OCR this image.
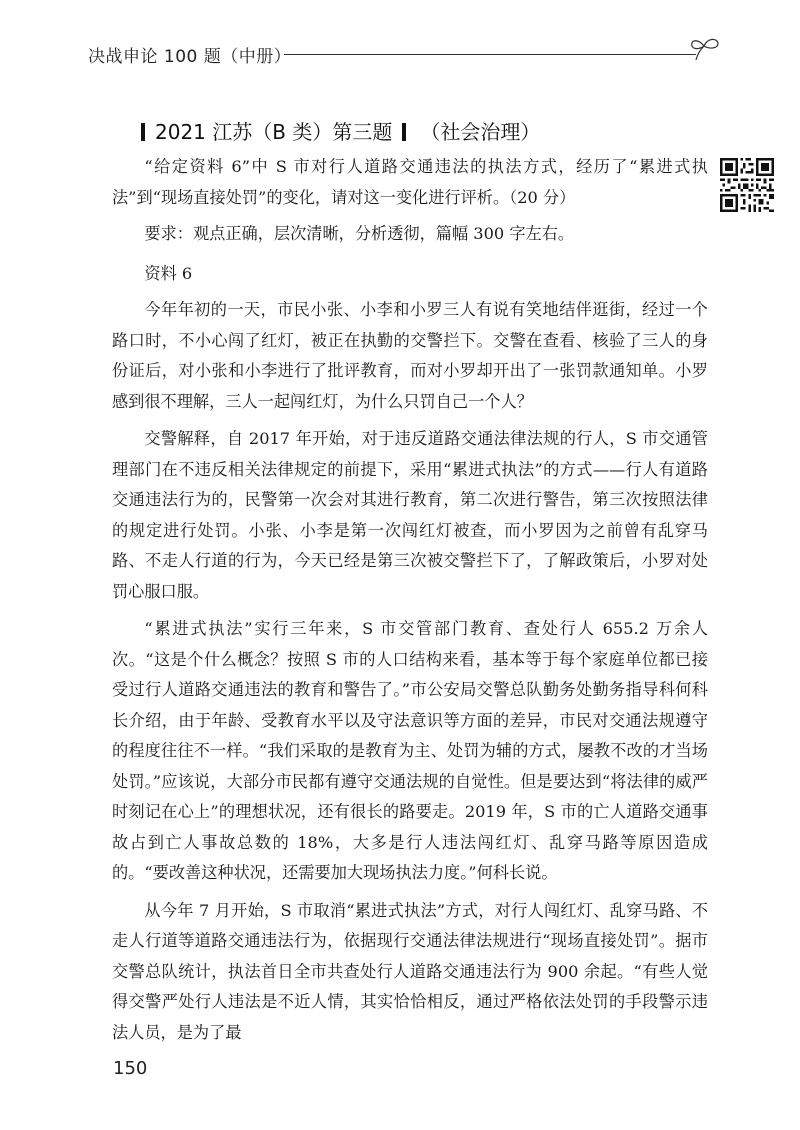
决战申论 100 题（中册）
2021 江苏（B 类）第三题 （社会治理）

“给定资料 6”中 S 市对行人道路交通违法的执法方式，经历了“累进式执法”到“现场直接处罚”的变化，请对这一变化进行评析。（20 分）

要求：观点正确，层次清晰，分析透彻，篇幅 300 字左右。

资料 6

今年年初的一天，市民小张、小李和小罗三人有说有笑地结伴逛街，经过一个路口时，不小心闯了红灯，被正在执勤的交警拦下。交警在查看、核验了三人的身份证后，对小张和小李进行了批评教育，而对小罗却开出了一张罚款通知单。小罗感到很不理解，三人一起闯红灯，为什么只罚自己一个人？

交警解释，自 2017 年开始，对于违反道路交通法律法规的行人，S 市交通管理部门在不违反相关法律规定的前提下，采用“累进式执法”的方式——行人有道路交通违法行为的，民警第一次会对其进行教育，第二次进行警告，第三次按照法律的规定进行处罚。小张、小李是第一次闯红灯被查，而小罗因为之前曾有乱穿马路、不走人行道的行为，今天已经是第三次被交警拦下了，了解政策后，小罗对处罚心服口服。

“累进式执法”实行三年来，S 市交管部门教育、查处行人 655.2 万余人次。“这是个什么概念？按照 S 市的人口结构来看，基本等于每个家庭单位都已接受过行人道路交通违法的教育和警告了。”市公安局交警总队勤务处勤务指导科何科长介绍，由于年龄、受教育水平以及守法意识等方面的差异，市民对交通法规遵守的程度往往不一样。“我们采取的是教育为主、处罚为辅的方式，屡教不改的才当场处罚。”应该说，大部分市民都有遵守交通法规的自觉性。但是要达到“将法律的威严时刻记在心上”的理想状况，还有很长的路要走。2019 年，S 市的亡人道路交通事故占到亡人事故总数的 18%，大多是行人违法闯红灯、乱穿马路等原因造成的。“要改善这种状况，还需要加大现场执法力度。”何科长说。

从今年 7 月开始，S 市取消“累进式执法”方式，对行人闯红灯、乱穿马路、不走人行道等道路交通违法行为，依据现行交通法律法规进行“现场直接处罚”。据市交警总队统计，执法首日全市共查处行人道路交通违法行为 900 余起。“有些人觉得交警严处行人违法是不近人情，其实恰恰相反，通过严格依法处罚的手段警示违法人员，是为了最

150
